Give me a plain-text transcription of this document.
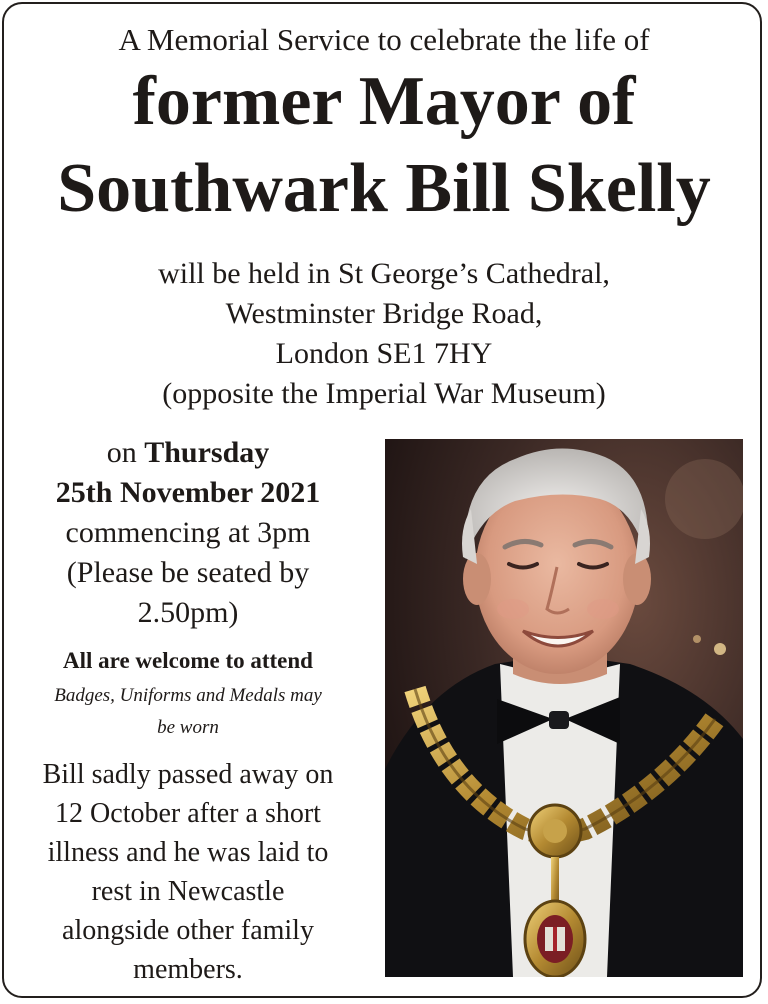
A Memorial Service to celebrate the life of
former Mayor of
Southwark Bill Skelly
will be held in St George’s Cathedral,
Westminster Bridge Road,
London SE1 7HY
(opposite the Imperial War Museum)
on Thursday
25th November 2021
commencing at 3pm
(Please be seated by
2.50pm)
All are welcome to attend
Badges, Uniforms and Medals may
be worn
Bill sadly passed away on
12 October after a short
illness and he was laid to
rest in Newcastle
alongside other family
members.
